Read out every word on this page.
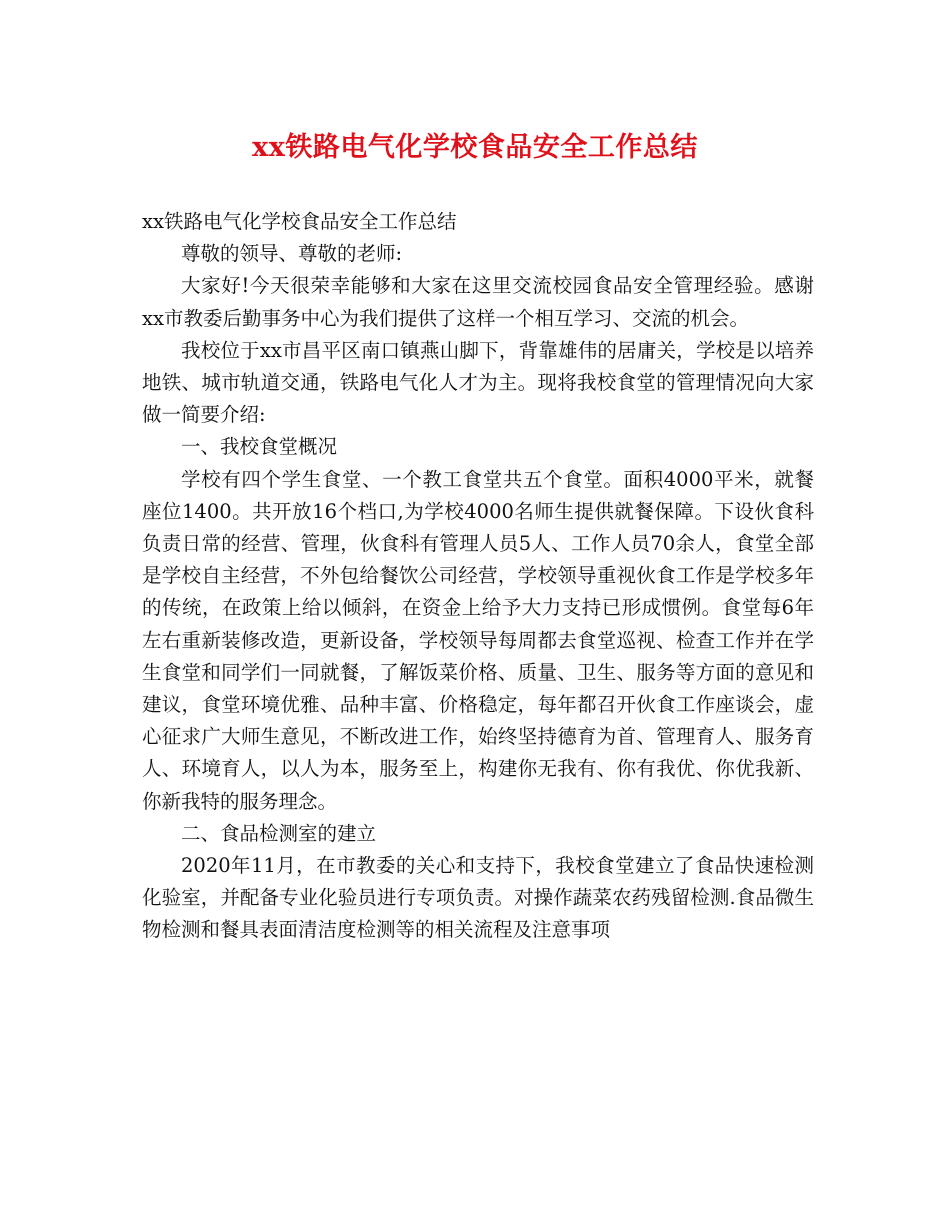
xx铁路电气化学校食品安全工作总结

xx铁路电气化学校食品安全工作总结

尊敬的领导、尊敬的老师:

大家好!今天很荣幸能够和大家在这里交流校园食品安全管理经验。感谢xx市教委后勤事务中心为我们提供了这样一个相互学习、交流的机会。

我校位于xx市昌平区南口镇燕山脚下，背靠雄伟的居庸关，学校是以培养地铁、城市轨道交通，铁路电气化人才为主。现将我校食堂的管理情况向大家做一简要介绍:

一、我校食堂概况

学校有四个学生食堂、一个教工食堂共五个食堂。面积4000平米，就餐座位1400。共开放16个档口,为学校4000名师生提供就餐保障。下设伙食科负责日常的经营、管理，伙食科有管理人员5人、工作人员70余人，食堂全部是学校自主经营，不外包给餐饮公司经营，学校领导重视伙食工作是学校多年的传统，在政策上给以倾斜，在资金上给予大力支持已形成惯例。食堂每6年左右重新装修改造，更新设备，学校领导每周都去食堂巡视、检查工作并在学生食堂和同学们一同就餐，了解饭菜价格、质量、卫生、服务等方面的意见和建议，食堂环境优雅、品种丰富、价格稳定，每年都召开伙食工作座谈会，虚心征求广大师生意见，不断改进工作，始终坚持德育为首、管理育人、服务育人、环境育人，以人为本，服务至上，构建你无我有、你有我优、你优我新、你新我特的服务理念。

二、食品检测室的建立

2020年11月，在市教委的关心和支持下，我校食堂建立了食品快速检测化验室，并配备专业化验员进行专项负责。对操作蔬菜农药残留检测.食品微生物检测和餐具表面清洁度检测等的相关流程及注意事项
